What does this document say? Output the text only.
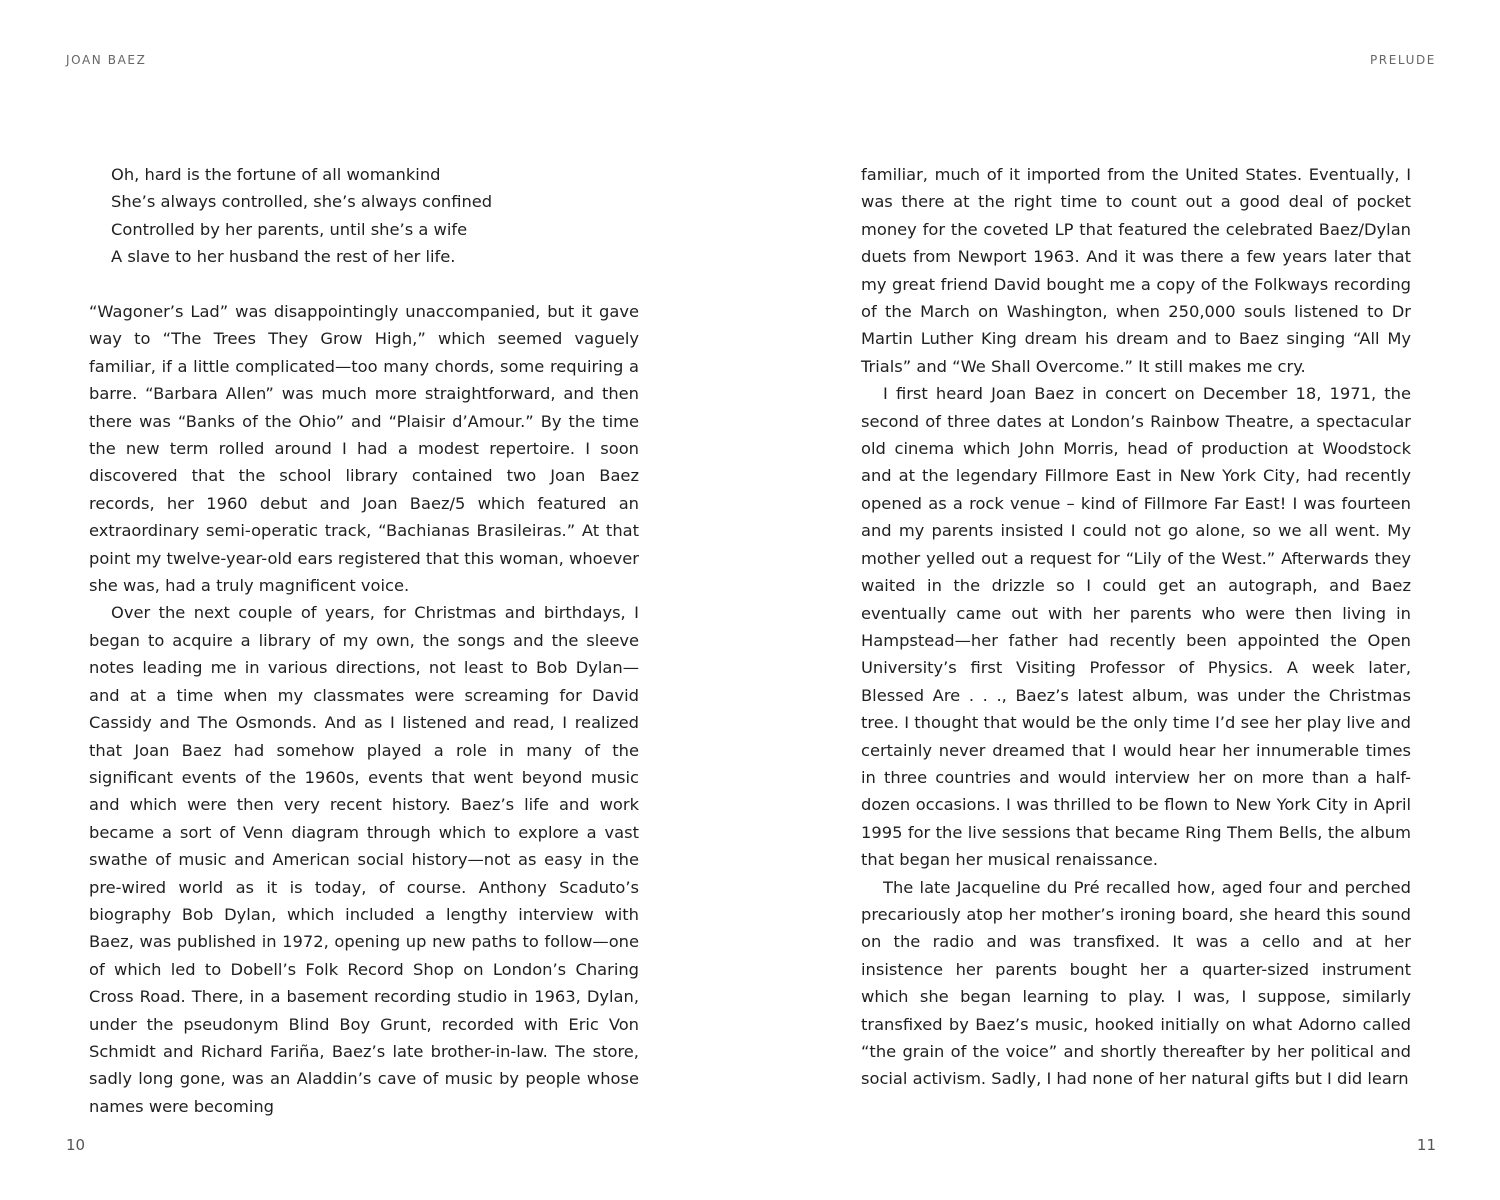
JOAN BAEZ
Oh, hard is the fortune of all womankind
She’s always controlled, she’s always confined
Controlled by her parents, until she’s a wife
A slave to her husband the rest of her life.

“Wagoner’s Lad” was disappointingly unaccompanied, but it gave way to “The Trees They Grow High,” which seemed vaguely familiar, if a little complicated—too many chords, some requiring a barre. “Barbara Allen” was much more straightforward, and then there was “Banks of the Ohio” and “Plaisir d’Amour.” By the time the new term rolled around I had a modest repertoire. I soon discovered that the school library contained two Joan Baez records, her 1960 debut and Joan Baez/5 which featured an extraordinary semi-operatic track, “Bachianas Brasileiras.” At that point my twelve-year-old ears registered that this woman, whoever she was, had a truly magnificent voice.

Over the next couple of years, for Christmas and birthdays, I began to acquire a library of my own, the songs and the sleeve notes leading me in various directions, not least to Bob Dylan—and at a time when my classmates were screaming for David Cassidy and The Osmonds. And as I listened and read, I realized that Joan Baez had somehow played a role in many of the significant events of the 1960s, events that went beyond music and which were then very recent history. Baez’s life and work became a sort of Venn diagram through which to explore a vast swathe of music and American social history—not as easy in the pre-wired world as it is today, of course. Anthony Scaduto’s biography Bob Dylan, which included a lengthy interview with Baez, was published in 1972, opening up new paths to follow—one of which led to Dobell’s Folk Record Shop on London’s Charing Cross Road. There, in a basement recording studio in 1963, Dylan, under the pseudonym Blind Boy Grunt, recorded with Eric Von Schmidt and Richard Fariña, Baez’s late brother-in-law. The store, sadly long gone, was an Aladdin’s cave of music by people whose names were becoming

10
PRELUDE

familiar, much of it imported from the United States. Eventually, I was there at the right time to count out a good deal of pocket money for the coveted LP that featured the celebrated Baez/Dylan duets from Newport 1963. And it was there a few years later that my great friend David bought me a copy of the Folkways recording of the March on Washington, when 250,000 souls listened to Dr Martin Luther King dream his dream and to Baez singing “All My Trials” and “We Shall Overcome.” It still makes me cry.

I first heard Joan Baez in concert on December 18, 1971, the second of three dates at London’s Rainbow Theatre, a spectacular old cinema which John Morris, head of production at Woodstock and at the legendary Fillmore East in New York City, had recently opened as a rock venue – kind of Fillmore Far East! I was fourteen and my parents insisted I could not go alone, so we all went. My mother yelled out a request for “Lily of the West.” Afterwards they waited in the drizzle so I could get an autograph, and Baez eventually came out with her parents who were then living in Hampstead—her father had recently been appointed the Open University’s first Visiting Professor of Physics. A week later, Blessed Are . . ., Baez’s latest album, was under the Christmas tree. I thought that would be the only time I’d see her play live and certainly never dreamed that I would hear her innumerable times in three countries and would interview her on more than a half-dozen occasions. I was thrilled to be flown to New York City in April 1995 for the live sessions that became Ring Them Bells, the album that began her musical renaissance.

The late Jacqueline du Pré recalled how, aged four and perched precariously atop her mother’s ironing board, she heard this sound on the radio and was transfixed. It was a cello and at her insistence her parents bought her a quarter-sized instrument which she began learning to play. I was, I suppose, similarly transfixed by Baez’s music, hooked initially on what Adorno called “the grain of the voice” and shortly thereafter by her political and social activism. Sadly, I had none of her natural gifts but I did learn

11
